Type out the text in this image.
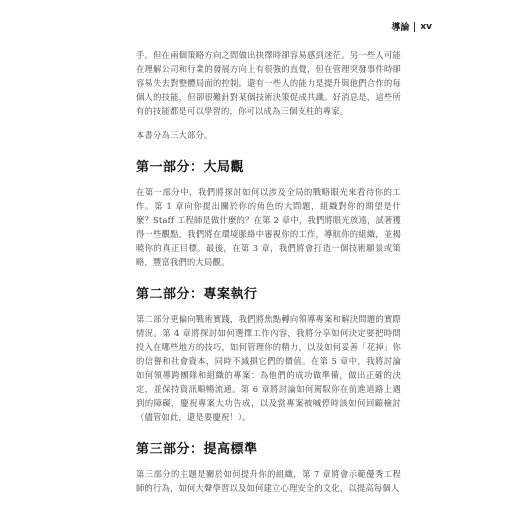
導論 xv

手。但在兩個策略方向之間做出抉擇時卻容易感到迷茫。另一些人可能在理解公司和行業的發展方向上有很強的直覺，但在管理突發事件時卻容易失去對整體局面的控制。還有一些人的能力是提升與他們合作的每個人的技能，但卻很難針對某個技術決策促成共識。好消息是，這些所有的技能都是可以學習的，你可以成為三個支柱的專家。

本書分為三大部分。

第一部分：大局觀

在第一部分中，我們將探討如何以涉及全局的戰略眼光來看待你的工作。第 1 章向你提出關於你的角色的大問題，組織對你的期望是什麼？Staff 工程師是做什麼的？在第 2 章中，我們將眼光放遠，試著獲得一些觀點，我們將在環境脈絡中審視你的工作，導航你的組織，並揭曉你的真正目標。最後，在第 3 章，我們將會打造一個技術願景或策略，豐富我們的大局觀。

第二部分：專案執行

第二部分更偏向戰術實踐，我們將焦點轉向領導專案和解決問題的實際情況。第 4 章將探討如何選擇工作內容，我將分享如何決定要把時間投入在哪些地方的技巧，如何管理你的精力，以及如何妥善「花掉」你的信譽和社會資本，同時不減損它們的價值。在第 5 章中，我將討論如何領導跨團隊和組織的專案：為他們的成功做準備，做出正確的決定，並保持資訊順暢流通。第 6 章將討論如何駕馭你在前進道路上遇到的障礙，慶祝專案大功告成，以及當專案被喊停時該如何回顧檢討（儘管如此，還是要慶祝！）。

第三部分：提高標準

第三部分的主題是關於如何提升你的組織，第 7 章將會示範優秀工程師的行為，如何大聲學習以及如何建立心理安全的文化，以提高每個人
